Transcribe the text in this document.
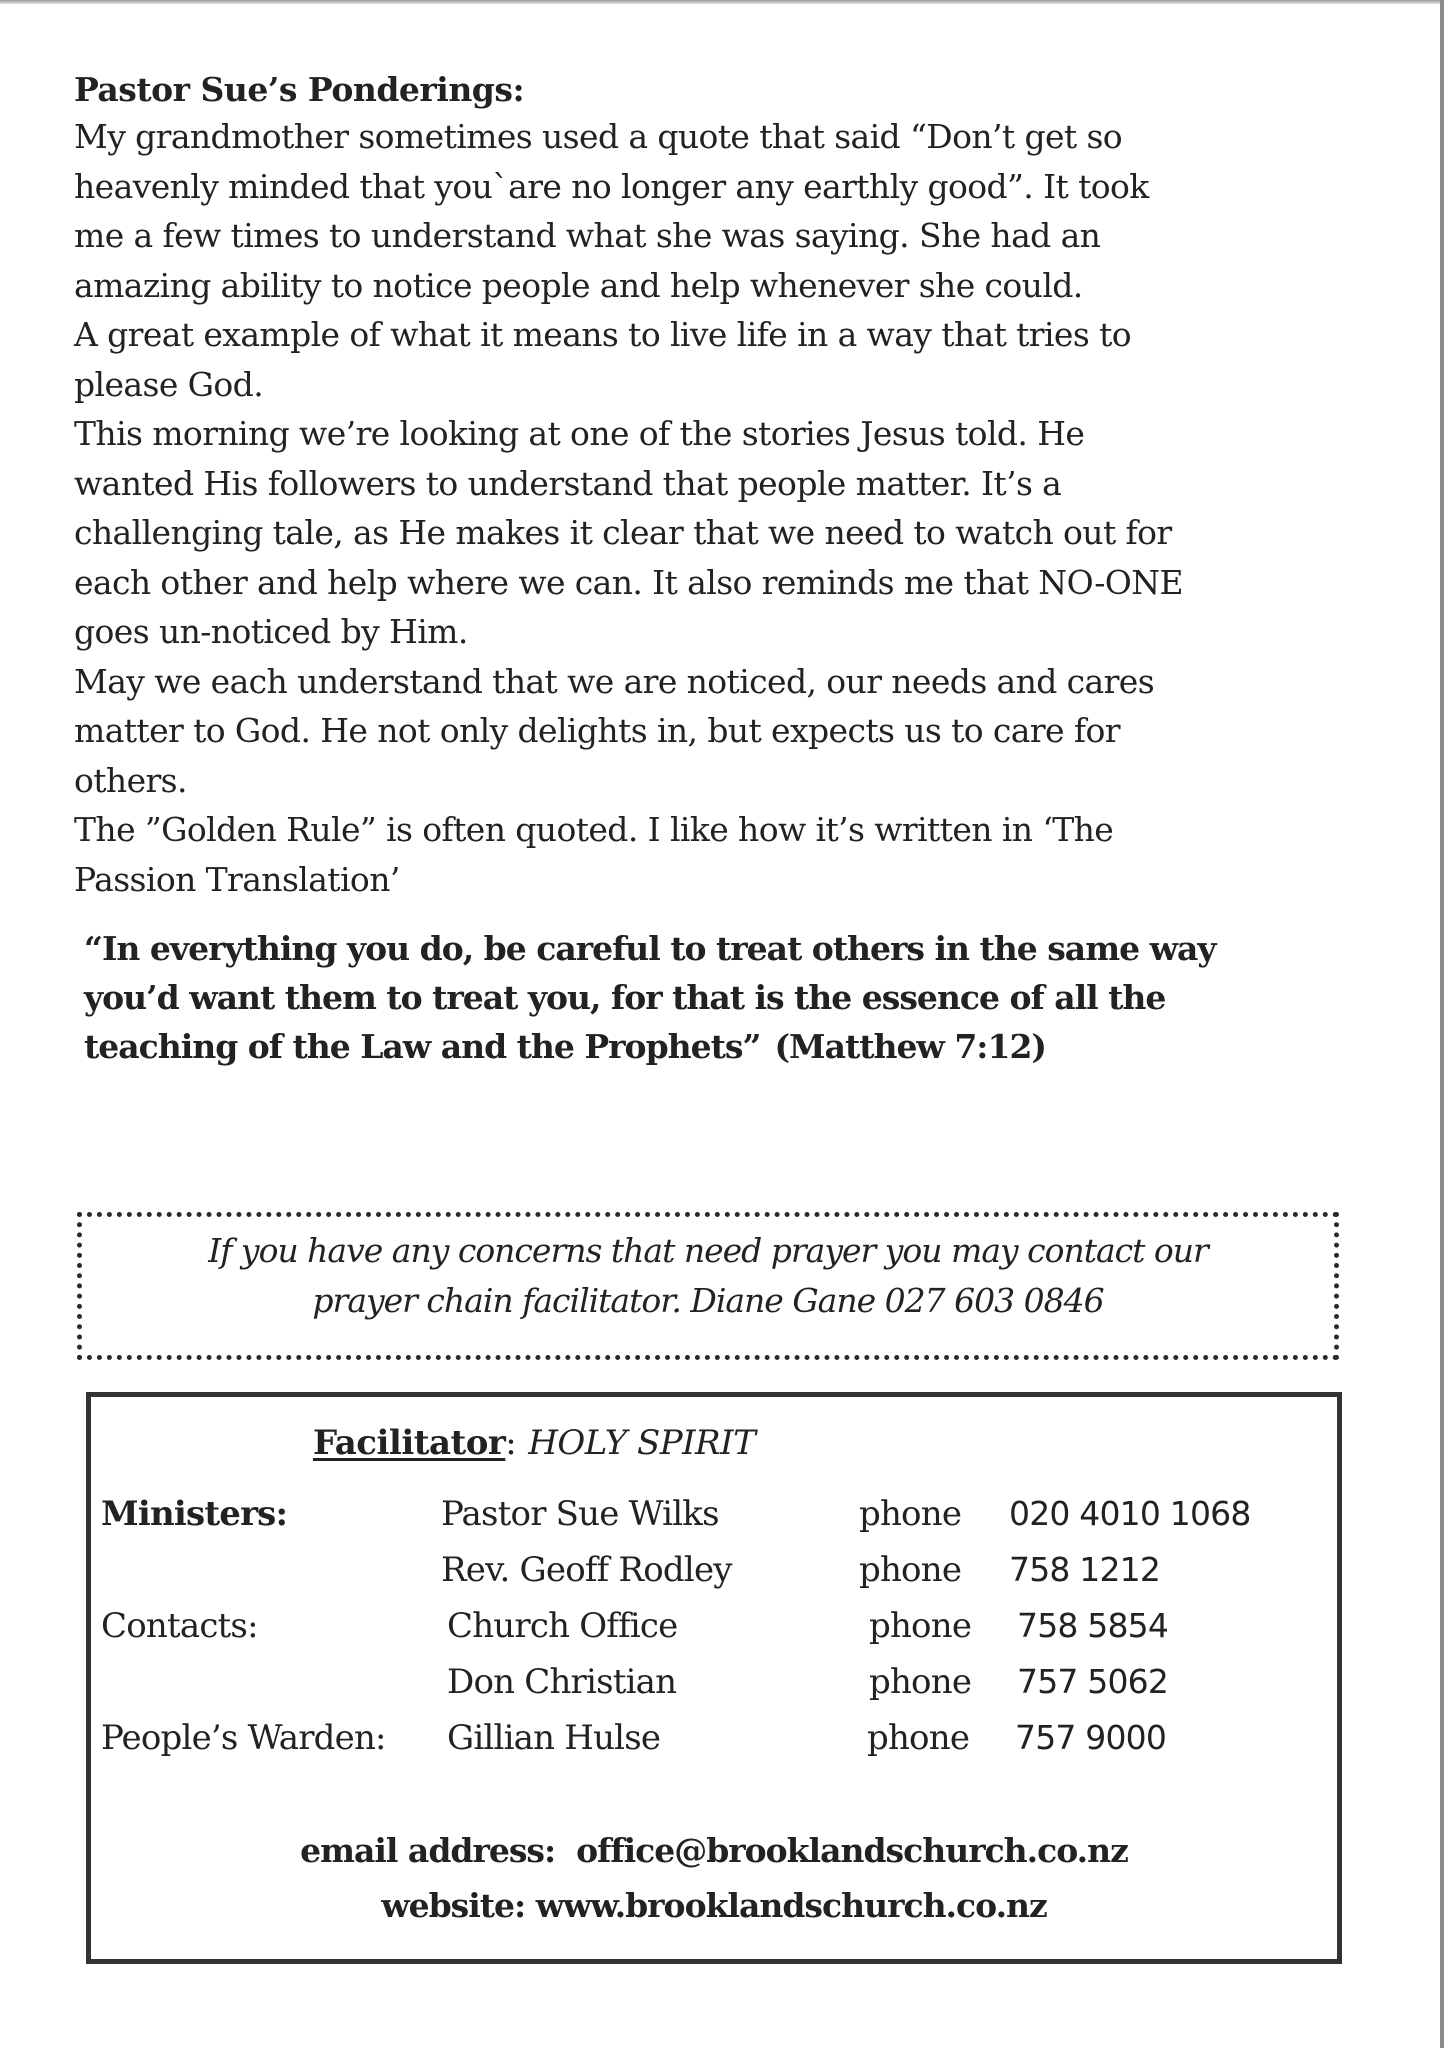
Pastor Sue’s Ponderings:
My grandmother sometimes used a quote that said “Don’t get so
heavenly minded that you`are no longer any earthly good”. It took
me a few times to understand what she was saying. She had an
amazing ability to notice people and help whenever she could.
A great example of what it means to live life in a way that tries to
please God.
This morning we’re looking at one of the stories Jesus told. He
wanted His followers to understand that people matter. It’s a
challenging tale, as He makes it clear that we need to watch out for
each other and help where we can. It also reminds me that NO-ONE
goes un-noticed by Him.
May we each understand that we are noticed, our needs and cares
matter to God. He not only delights in, but expects us to care for
others.
The ”Golden Rule” is often quoted. I like how it’s written in ‘The
Passion Translation’
“In everything you do, be careful to treat others in the same way
you’d want them to treat you, for that is the essence of all the
teaching of the Law and the Prophets” (Matthew 7:12)
If you have any concerns that need prayer you may contact our
prayer chain facilitator. Diane Gane 027 603 0846
Facilitator: HOLY SPIRIT
Ministers:	Pastor Sue Wilks	phone 020 4010 1068
Rev. Geoff Rodley	phone 758 1212
Contacts:	Church Office	phone 758 5854
Don Christian	phone 757 5062
People’s Warden: Gillian Hulse	phone 757 9000
email address: office@brooklandschurch.co.nz
website: www.brooklandschurch.co.nz
